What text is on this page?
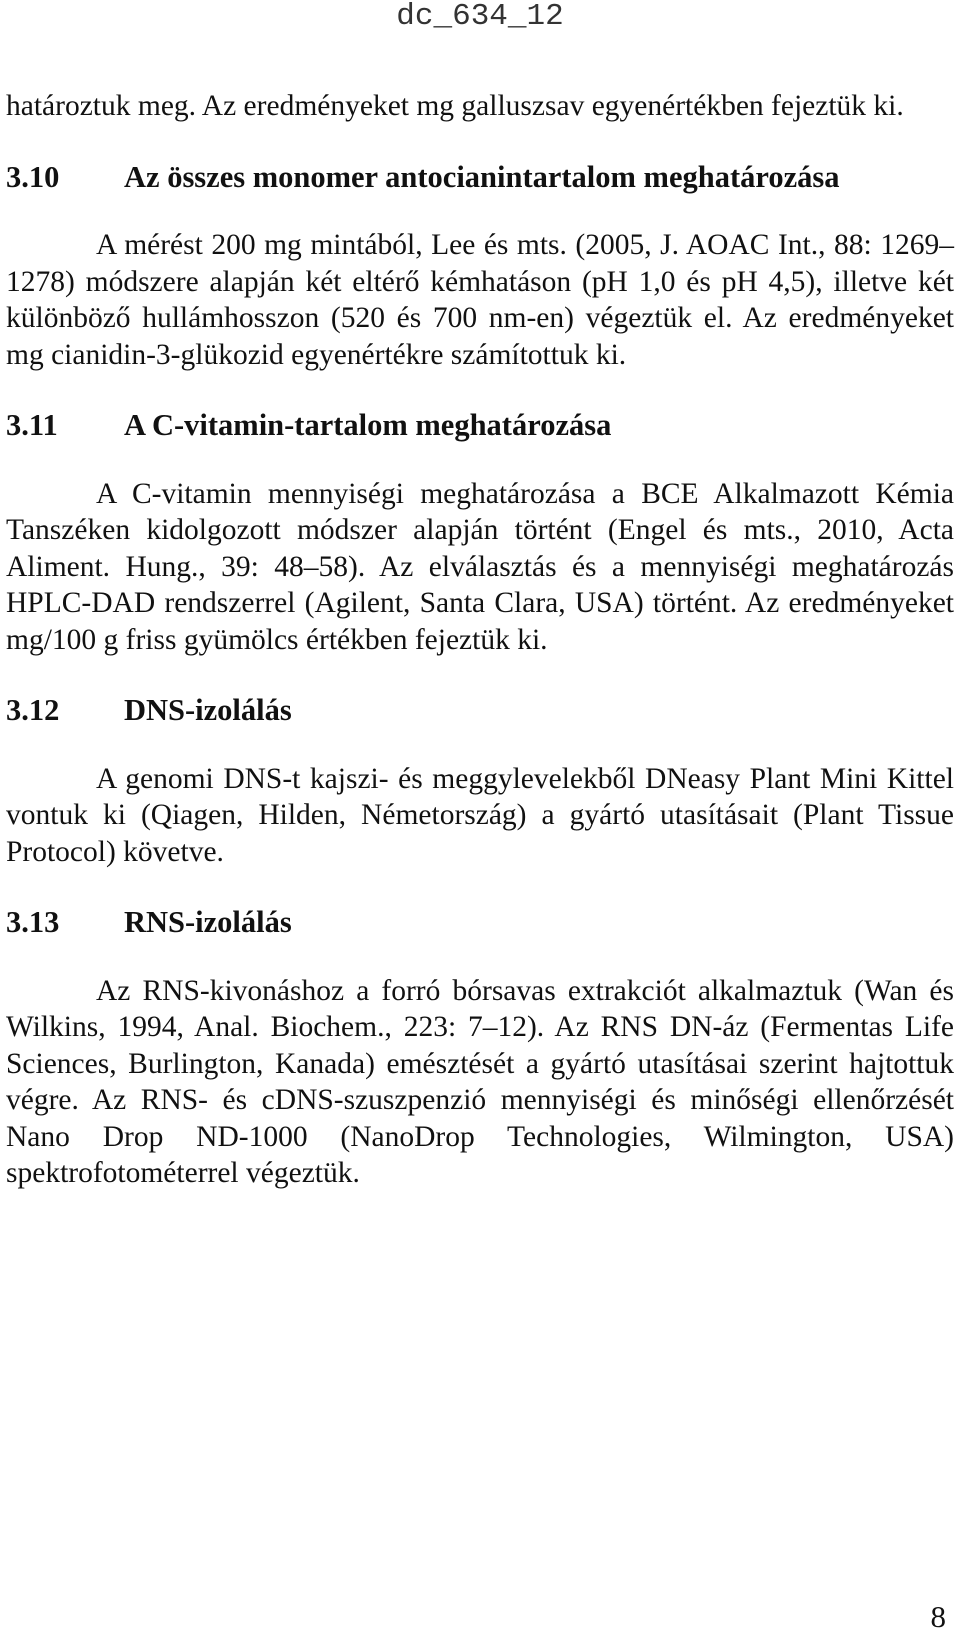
dc_634_12

határoztuk meg. Az eredményeket mg galluszsav egyenértékben fejeztük ki.

3.10	Az összes monomer antocianintartalom meghatározása

A mérést 200 mg mintából, Lee és mts. (2005, J. AOAC Int., 88: 1269–1278) módszere alapján két eltérő kémhatáson (pH 1,0 és pH 4,5), illetve két különböző hullámhosszon (520 és 700 nm-en) végeztük el. Az eredményeket mg cianidin-3-glükozid egyenértékre számítottuk ki.

3.11	A C-vitamin-tartalom meghatározása

A C-vitamin mennyiségi meghatározása a BCE Alkalmazott Kémia Tanszéken kidolgozott módszer alapján történt (Engel és mts., 2010, Acta Aliment. Hung., 39: 48–58). Az elválasztás és a mennyiségi meghatározás HPLC-DAD rendszerrel (Agilent, Santa Clara, USA) történt. Az eredményeket mg/100 g friss gyümölcs értékben fejeztük ki.

3.12	DNS-izolálás

A genomi DNS-t kajszi- és meggylevelekből DNeasy Plant Mini Kittel vontuk ki (Qiagen, Hilden, Németország) a gyártó utasításait (Plant Tissue Protocol) követve.

3.13	RNS-izolálás

Az RNS-kivonáshoz a forró bórsavas extrakciót alkalmaztuk (Wan és Wilkins, 1994, Anal. Biochem., 223: 7–12). Az RNS DN-áz (Fermentas Life Sciences, Burlington, Kanada) emésztését a gyártó utasításai szerint hajtottuk végre. Az RNS- és cDNS-szuszpenzió mennyiségi és minőségi ellenőrzését Nano Drop ND-1000 (NanoDrop Technologies, Wilmington, USA) spektrofotométerrel végeztük.

8
